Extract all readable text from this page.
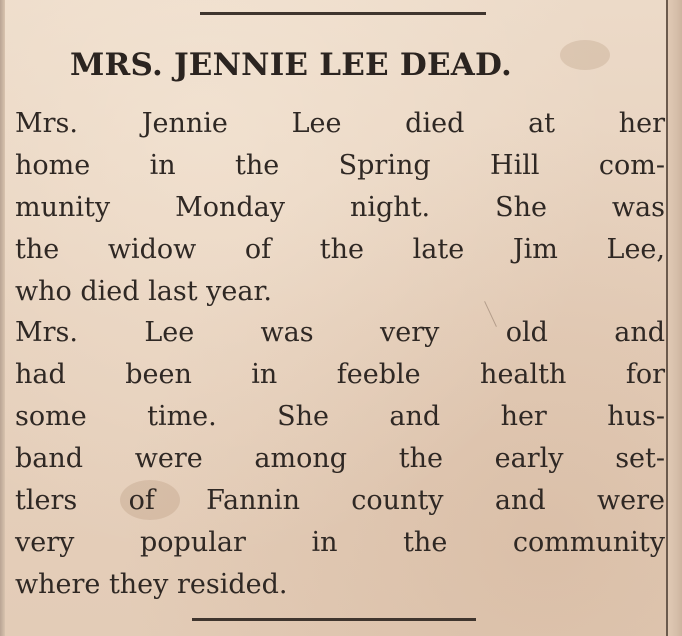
MRS. JENNIE LEE DEAD.
Mrs. Jennie Lee died at her
home in the Spring Hill com-
munity Monday night. She was
the widow of the late Jim Lee,
who died last year.
Mrs. Lee was very old and
had been in feeble health for
some time. She and her hus-
band were among the early set-
tlers of Fannin county and were
very popular in the community
where they resided.
